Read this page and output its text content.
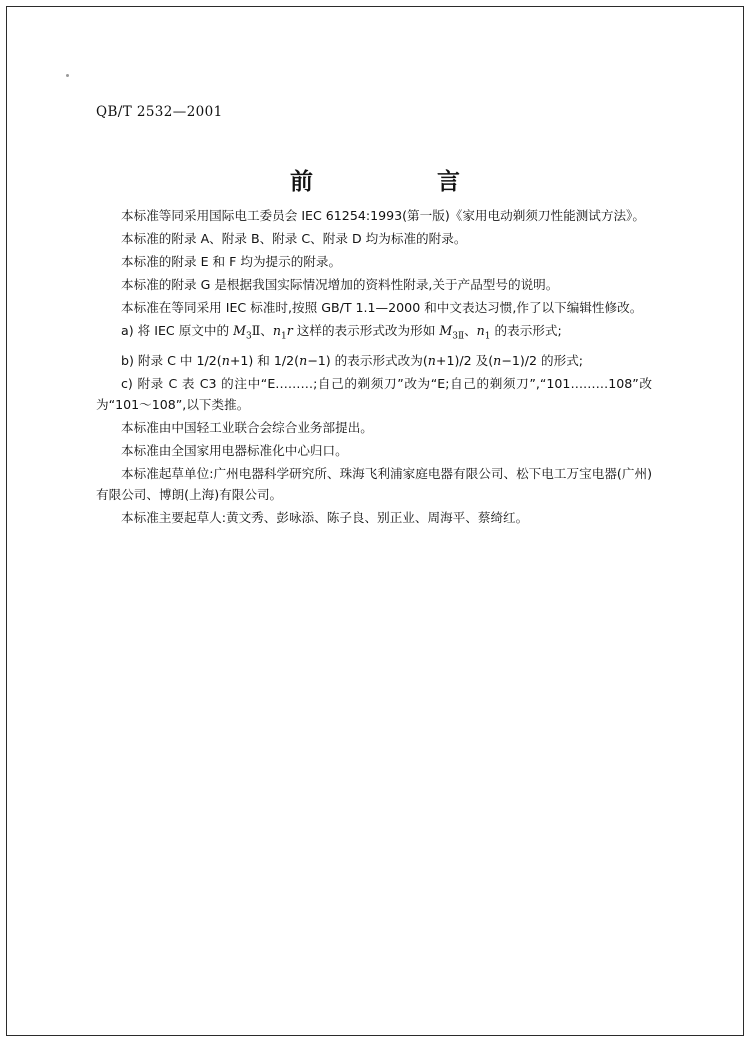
QB/T 2532—2001
前　　言

本标准等同采用国际电工委员会 IEC 61254:1993(第一版)《家用电动剃须刀性能测试方法》。

本标准的附录 A、附录 B、附录 C、附录 D 均为标准的附录。

本标准的附录 E 和 F 均为提示的附录。

本标准的附录 G 是根据我国实际情况增加的资料性附录,关于产品型号的说明。

本标准在等同采用 IEC 标准时,按照 GB/T 1.1—2000 和中文表达习惯,作了以下编辑性修改。

a) 将 IEC 原文中的 $M_3Ⅱ$、$n_1r$ 这样的表示形式改为形如 $M_{3Ⅱ}$、$n_1$ 的表示形式;

b) 附录 C 中 1/2(n+1) 和 1/2(n−1) 的表示形式改为(n+1)/2 及(n−1)/2 的形式;

c) 附录 C 表 C3 的注中“E………;自己的剃须刀”改为“E;自己的剃须刀”,“101………108”改为“101～108”,以下类推。

本标准由中国轻工业联合会综合业务部提出。

本标准由全国家用电器标准化中心归口。

本标准起草单位:广州电器科学研究所、珠海飞利浦家庭电器有限公司、松下电工万宝电器(广州)有限公司、博朗(上海)有限公司。

本标准主要起草人:黄文秀、彭咏添、陈子良、别正业、周海平、蔡绮红。
